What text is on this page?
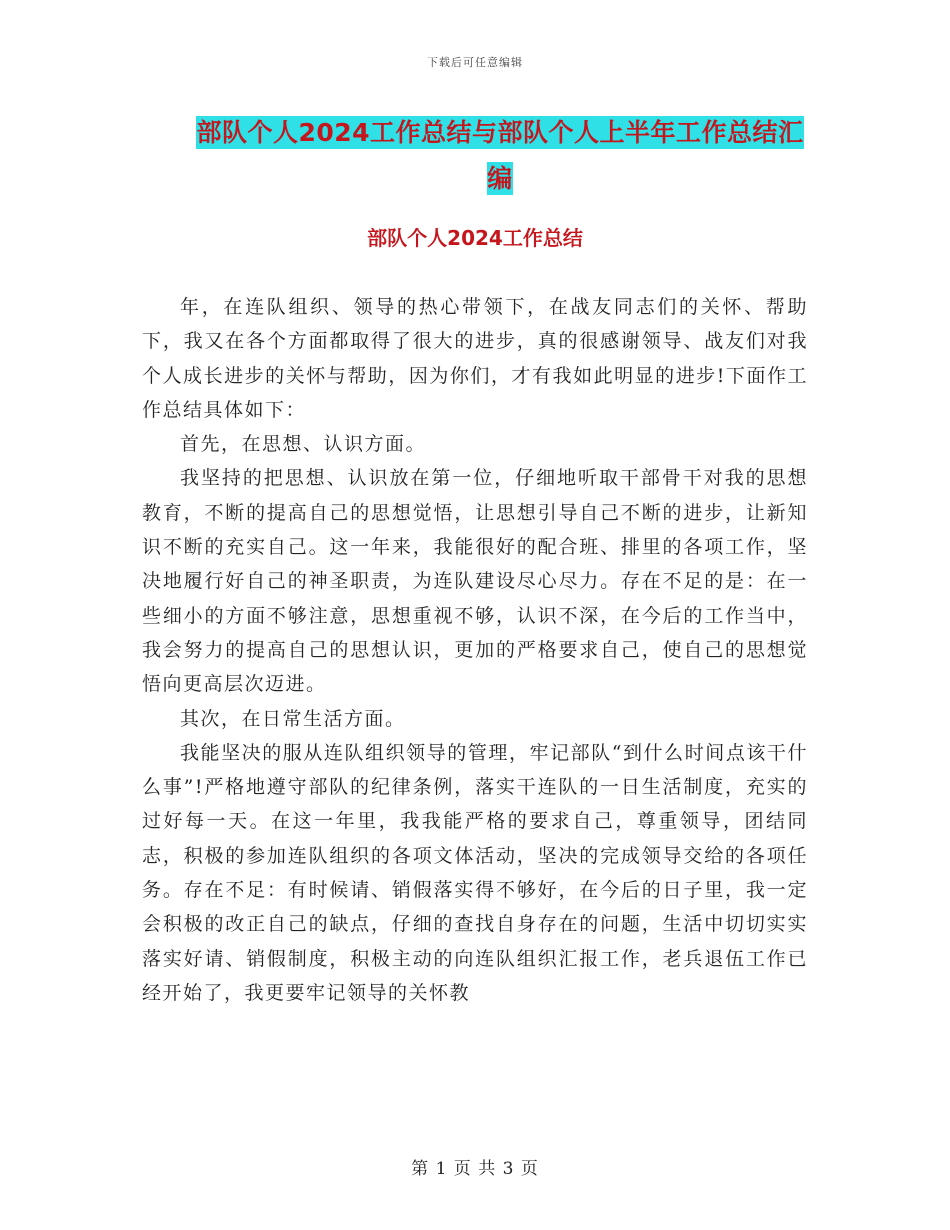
下载后可任意编辑
部队个人2024工作总结与部队个人上半年工作总结汇编
部队个人2024工作总结

年，在连队组织、领导的热心带领下，在战友同志们的关怀、帮助下，我又在各个方面都取得了很大的进步，真的很感谢领导、战友们对我个人成长进步的关怀与帮助，因为你们，才有我如此明显的进步!下面作工作总结具体如下：

首先，在思想、认识方面。

我坚持的把思想、认识放在第一位，仔细地听取干部骨干对我的思想教育，不断的提高自己的思想觉悟，让思想引导自己不断的进步，让新知识不断的充实自己。这一年来，我能很好的配合班、排里的各项工作，坚决地履行好自己的神圣职责，为连队建设尽心尽力。存在不足的是：在一些细小的方面不够注意，思想重视不够，认识不深，在今后的工作当中，我会努力的提高自己的思想认识，更加的严格要求自己，使自己的思想觉悟向更高层次迈进。

其次，在日常生活方面。

我能坚决的服从连队组织领导的管理，牢记部队“到什么时间点该干什么事”!严格地遵守部队的纪律条例，落实干连队的一日生活制度，充实的过好每一天。在这一年里，我我能严格的要求自己，尊重领导，团结同志，积极的参加连队组织的各项文体活动，坚决的完成领导交给的各项任务。存在不足：有时候请、销假落实得不够好，在今后的日子里，我一定会积极的改正自己的缺点，仔细的查找自身存在的问题，生活中切切实实落实好请、销假制度，积极主动的向连队组织汇报工作，老兵退伍工作已经开始了，我更要牢记领导的关怀教

第 1 页 共 3 页
